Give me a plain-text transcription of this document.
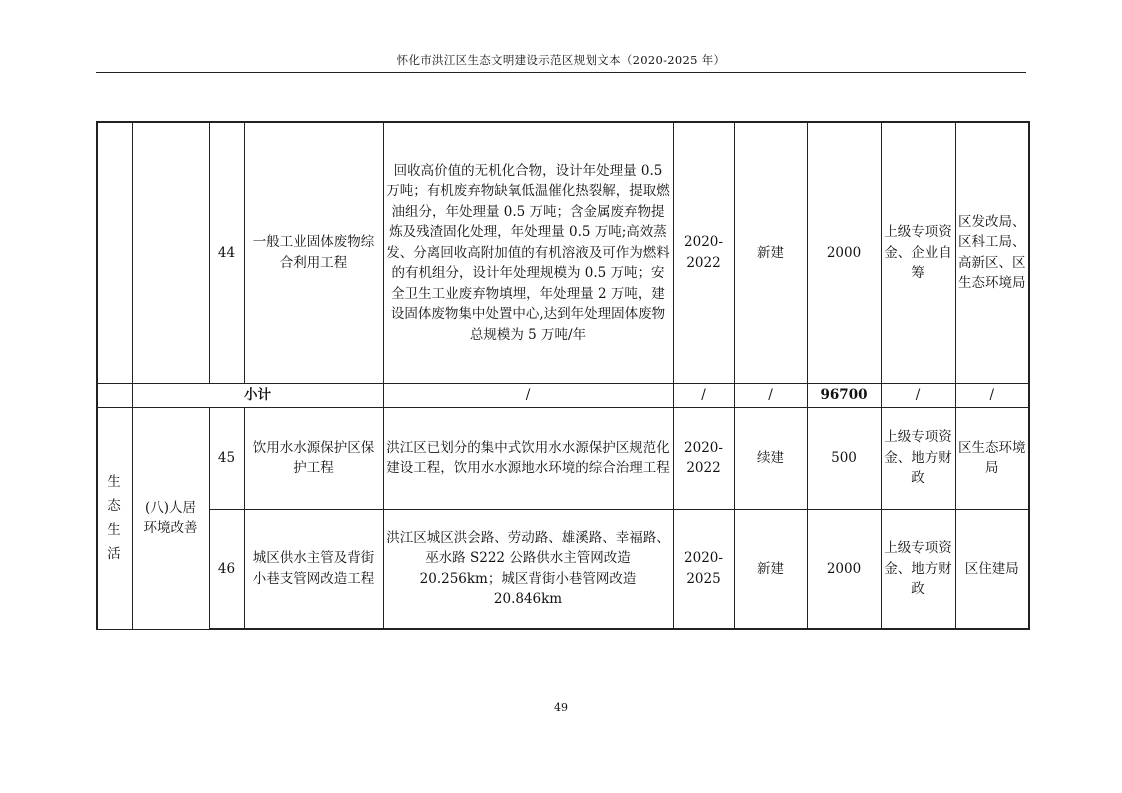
怀化市洪江区生态文明建设示范区规划文本（2020-2025 年）
		44	一般工业固体废物综合利用工程	回收高价值的无机化合物，设计年处理量 0.5 万吨；有机废弃物缺氧低温催化热裂解，提取燃油组分，年处理量 0.5 万吨；含金属废弃物提炼及残渣固化处理，年处理量 0.5 万吨;高效蒸发、分离回收高附加值的有机溶液及可作为燃料的有机组分，设计年处理规模为 0.5 万吨；安全卫生工业废弃物填埋，年处理量 2 万吨，建设固体废物集中处置中心,达到年处理固体废物总规模为 5 万吨/年	2020-2022	新建	2000	上级专项资金、企业自筹	区发改局、区科工局、高新区、区生态环境局
	小计			/	/	/	96700	/	/

生态生活	(八)人居环境改善	45	饮用水水源保护区保护工程	洪江区已划分的集中式饮用水水源保护区规范化建设工程，饮用水水源地水环境的综合治理工程	2020-2022	续建	500	上级专项资金、地方财政	区生态环境局
		46	城区供水主管及背街小巷支管网改造工程	洪江区城区洪会路、劳动路、雄溪路、幸福路、巫水路 S222 公路供水主管网改造 20.256km；城区背街小巷管网改造 20.846km	2020-2025	新建	2000	上级专项资金、地方财政	区住建局
49
